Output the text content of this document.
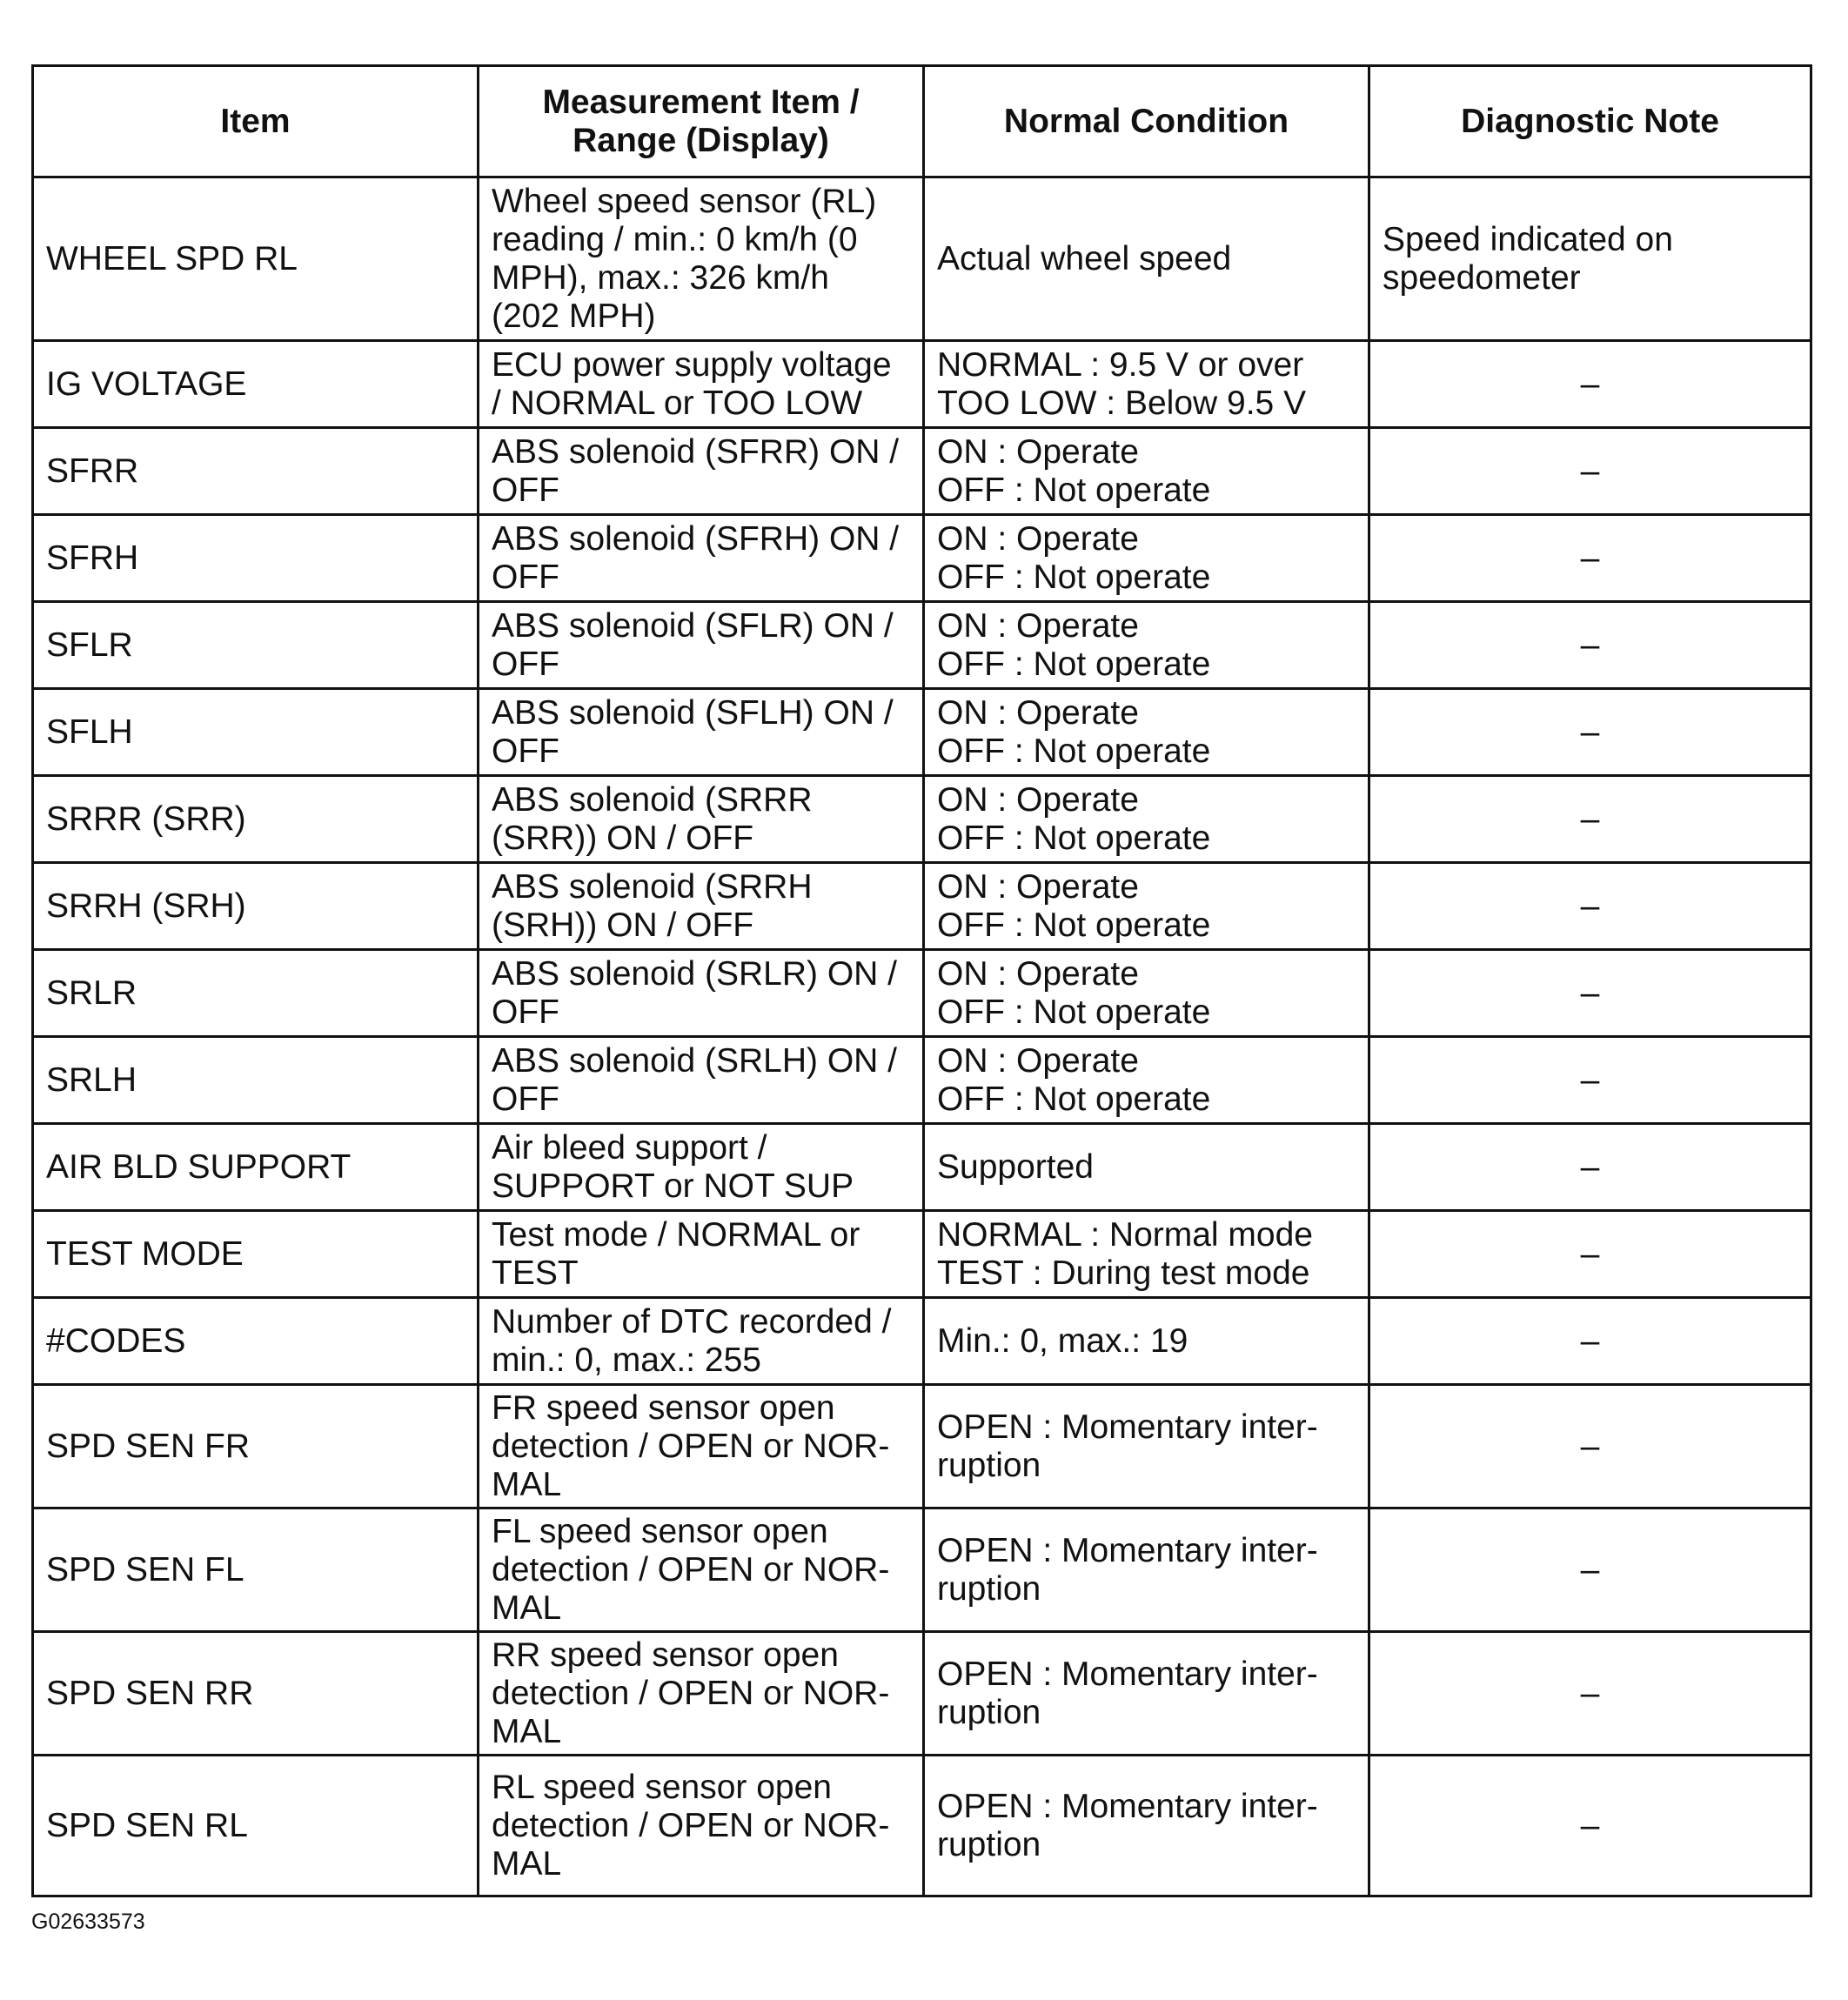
Item	Measurement Item /
Range (Display)	Normal Condition	Diagnostic Note

WHEEL SPD RL	Wheel speed sensor (RL)
reading / min.: 0 km/h (0
MPH), max.: 326 km/h
(202 MPH)	Actual wheel speed	Speed indicated on
speedometer

IG VOLTAGE	ECU power supply voltage
/ NORMAL or TOO LOW	NORMAL : 9.5 V or over
TOO LOW : Below 9.5 V	–

SFRR	ABS solenoid (SFRR) ON /
OFF	ON : Operate
OFF : Not operate	–

SFRH	ABS solenoid (SFRH) ON /
OFF	ON : Operate
OFF : Not operate	–

SFLR	ABS solenoid (SFLR) ON /
OFF	ON : Operate
OFF : Not operate	–

SFLH	ABS solenoid (SFLH) ON /
OFF	ON : Operate
OFF : Not operate	–

SRRR (SRR)	ABS solenoid (SRRR
(SRR)) ON / OFF	ON : Operate
OFF : Not operate	–

SRRH (SRH)	ABS solenoid (SRRH
(SRH)) ON / OFF	ON : Operate
OFF : Not operate	–

SRLR	ABS solenoid (SRLR) ON /
OFF	ON : Operate
OFF : Not operate	–

SRLH	ABS solenoid (SRLH) ON /
OFF	ON : Operate
OFF : Not operate	–

AIR BLD SUPPORT	Air bleed support /
SUPPORT or NOT SUP	Supported	–

TEST MODE	Test mode / NORMAL or
TEST	NORMAL : Normal mode
TEST : During test mode	–

#CODES	Number of DTC recorded /
min.: 0, max.: 255	Min.: 0, max.: 19	–

SPD SEN FR	FR speed sensor open
detection / OPEN or NOR-
MAL	OPEN : Momentary inter-
ruption	–

SPD SEN FL	FL speed sensor open
detection / OPEN or NOR-
MAL	OPEN : Momentary inter-
ruption	–

SPD SEN RR	RR speed sensor open
detection / OPEN or NOR-
MAL	OPEN : Momentary inter-
ruption	–

SPD SEN RL	RL speed sensor open
detection / OPEN or NOR-
MAL	OPEN : Momentary inter-
ruption	–
G02633573
